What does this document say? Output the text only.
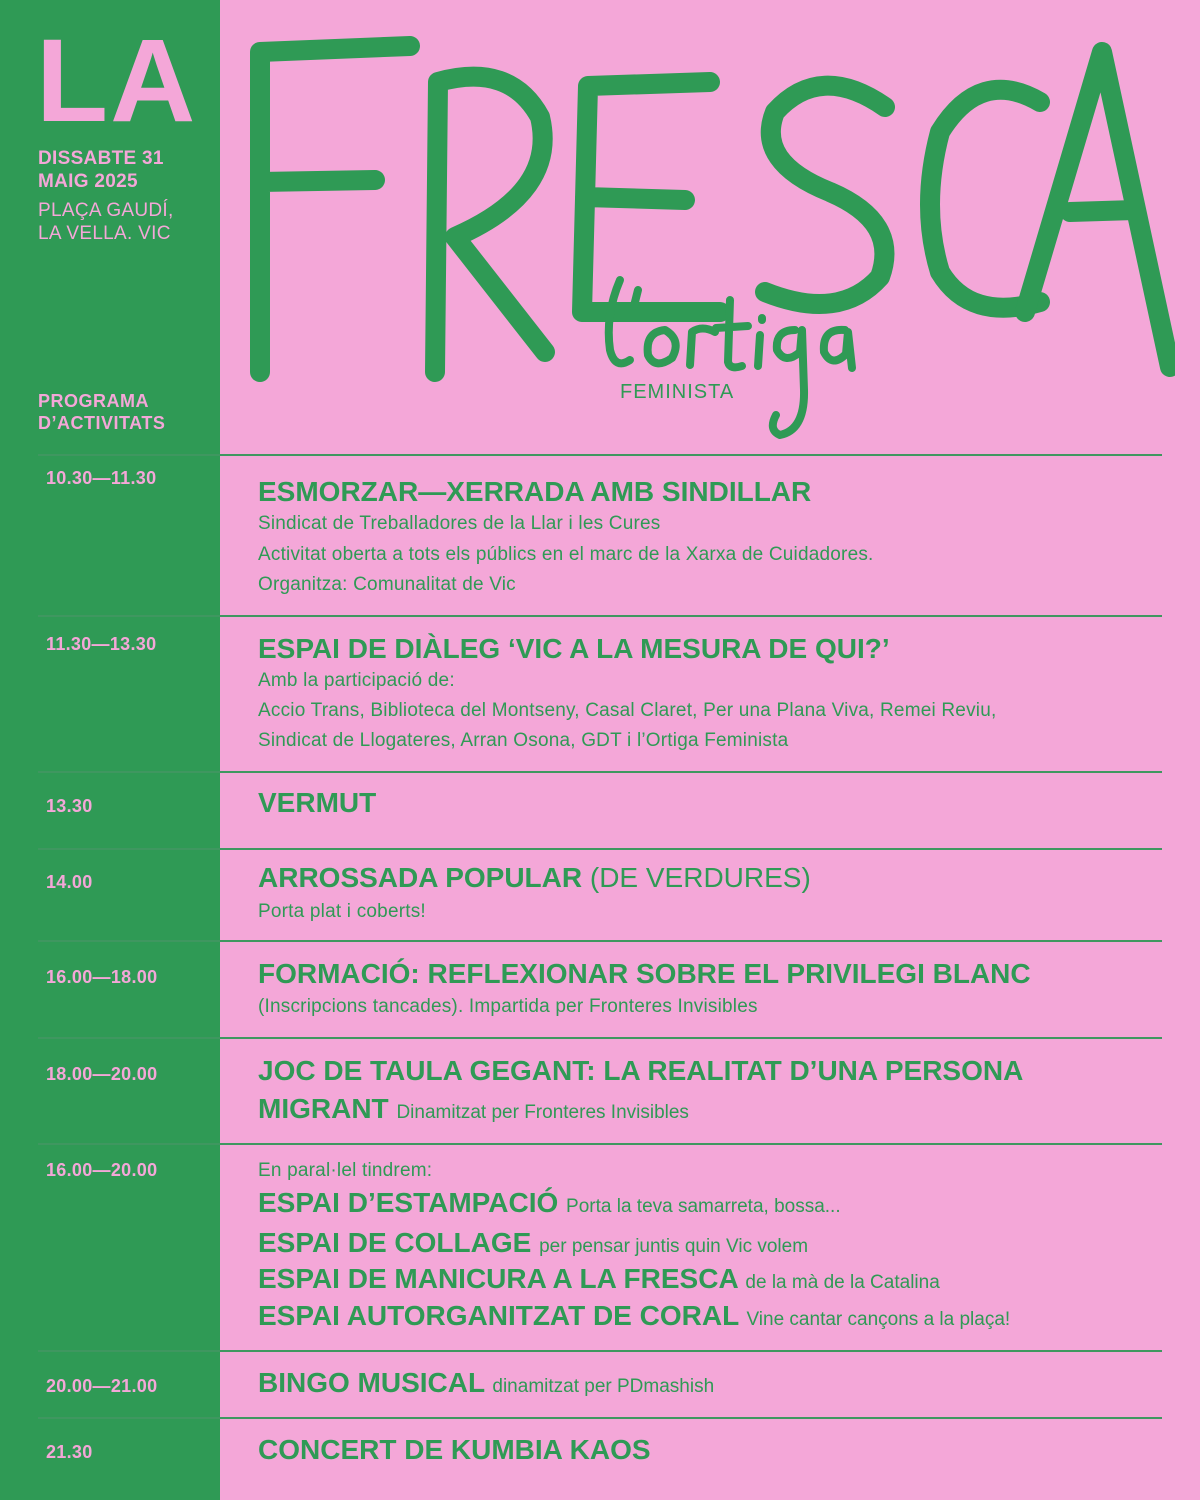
LA
DISSABTE 31
MAIG 2025
PLAÇA GAUDÍ,
LA VELLA. VIC
PROGRAMA
D’ACTIVITATS
FEMINISTA
10.30—11.30	ESMORZAR—XERRADA AMB SINDILLAR
Sindicat de Treballadores de la Llar i les Cures
Activitat oberta a tots els públics en el marc de la Xarxa de Cuidadores.
Organitza: Comunalitat de Vic
11.30—13.30	ESPAI DE DIÀLEG ‘VIC A LA MESURA DE QUI?’
Amb la participació de:
Accio Trans, Biblioteca del Montseny, Casal Claret, Per una Plana Viva, Remei Reviu,
Sindicat de Llogateres, Arran Osona, GDT i l’Ortiga Feminista
13.30	VERMUT
14.00	ARROSSADA POPULAR (DE VERDURES)
Porta plat i coberts!
16.00—18.00	FORMACIÓ: REFLEXIONAR SOBRE EL PRIVILEGI BLANC
(Inscripcions tancades). Impartida per Fronteres Invisibles
18.00—20.00	JOC DE TAULA GEGANT: LA REALITAT D’UNA PERSONA
MIGRANT Dinamitzat per Fronteres Invisibles
16.00—20.00	En paral·lel tindrem:
ESPAI D’ESTAMPACIÓ Porta la teva samarreta, bossa...
ESPAI DE COLLAGE per pensar juntis quin Vic volem
ESPAI DE MANICURA A LA FRESCA de la mà de la Catalina
ESPAI AUTORGANITZAT DE CORAL Vine cantar cançons a la plaça!
20.00—21.00	BINGO MUSICAL dinamitzat per PDmashish
21.30	CONCERT DE KUMBIA KAOS
